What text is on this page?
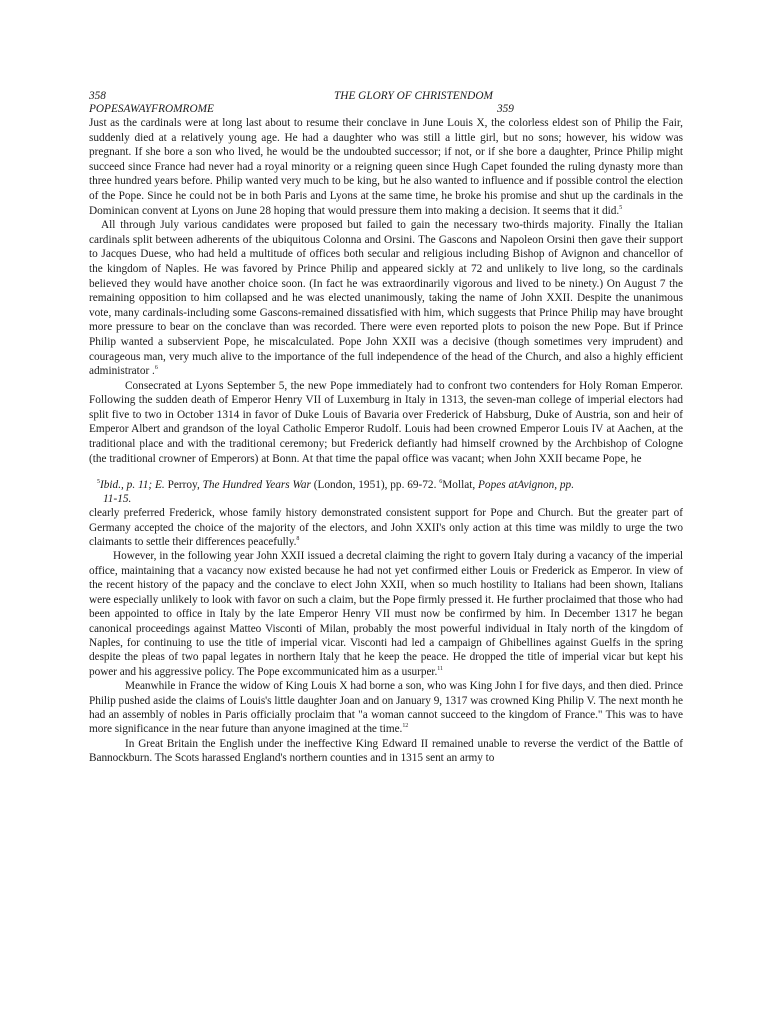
358	THE GLORY OF CHRISTENDOM
POPESAWAYFROMROME	359

Just as the cardinals were at long last about to resume their conclave in June Louis X, the colorless eldest son of Philip the Fair, suddenly died at a relatively young age. He had a daughter who was still a little girl, but no sons; however, his widow was pregnant. If she bore a son who lived, he would be the undoubted successor; if not, or if she bore a daughter, Prince Philip might succeed since France had never had a royal minority or a reigning queen since Hugh Capet founded the ruling dynasty more than three hundred years before. Philip wanted very much to be king, but he also wanted to influence and if possible control the election of the Pope. Since he could not be in both Paris and Lyons at the same time, he broke his promise and shut up the cardinals in the Dominican convent at Lyons on June 28 hoping that would pressure them into making a decision. It seems that it did.$^5$

All through July various candidates were proposed but failed to gain the necessary two-thirds majority. Finally the Italian cardinals split between adherents of the ubiquitous Colonna and Orsini. The Gascons and Napoleon Orsini then gave their support to Jacques Duese, who had held a multitude of offices both secular and religious including Bishop of Avignon and chancellor of the kingdom of Naples. He was favored by Prince Philip and appeared sickly at 72 and unlikely to live long, so the cardinals believed they would have another choice soon. (In fact he was extraordinarily vigorous and lived to be ninety.) On August 7 the remaining opposition to him collapsed and he was elected unanimously, taking the name of John XXII. Despite the unanimous vote, many cardinals-including some Gascons-remained dissatisfied with him, which suggests that Prince Philip may have brought more pressure to bear on the conclave than was recorded. There were even reported plots to poison the new Pope. But if Prince Philip wanted a subservient Pope, he miscalculated. Pope John XXII was a decisive (though sometimes very imprudent) and courageous man, very much alive to the importance of the full independence of the head of the Church, and also a highly efficient administrator .$^6$

Consecrated at Lyons September 5, the new Pope immediately had to confront two contenders for Holy Roman Emperor. Following the sudden death of Emperor Henry VII of Luxemburg in Italy in 1313, the seven-man college of imperial electors had split five to two in October 1314 in favor of Duke Louis of Bavaria over Frederick of Habsburg, Duke of Austria, son and heir of Emperor Albert and grandson of the loyal Catholic Emperor Rudolf. Louis had been crowned Emperor Louis IV at Aachen, at the traditional place and with the traditional ceremony; but Frederick defiantly had himself crowned by the Archbishop of Cologne (the traditional crowner of Emperors) at Bonn. At that time the papal office was vacant; when John XXII became Pope, he

$^5$Ibid., p. 11; E. Perroy, The Hundred Years War (London, 1951), pp. 69-72. $^6$Mollat, Popes atAvignon, pp.
11-15.

clearly preferred Frederick, whose family history demonstrated consistent support for Pope and Church. But the greater part of Germany accepted the choice of the majority of the electors, and John XXII's only action at this time was mildly to urge the two claimants to settle their differences peacefully.$^8$

However, in the following year John XXII issued a decretal claiming the right to govern Italy during a vacancy of the imperial office, maintaining that a vacancy now existed because he had not yet confirmed either Louis or Frederick as Emperor. In view of the recent history of the papacy and the conclave to elect John XXII, when so much hostility to Italians had been shown, Italians were especially unlikely to look with favor on such a claim, but the Pope firmly pressed it. He further proclaimed that those who had been appointed to office in Italy by the late Emperor Henry VII must now be confirmed by him. In December 1317 he began canonical proceedings against Matteo Visconti of Milan, probably the most powerful individual in Italy north of the kingdom of Naples, for continuing to use the title of imperial vicar. Visconti had led a campaign of Ghibellines against Guelfs in the spring despite the pleas of two papal legates in northern Italy that he keep the peace. He dropped the title of imperial vicar but kept his power and his aggressive policy. The Pope excommunicated him as a usurper.$^{11}$

Meanwhile in France the widow of King Louis X had borne a son, who was King John I for five days, and then died. Prince Philip pushed aside the claims of Louis's little daughter Joan and on January 9, 1317 was crowned King Philip V. The next month he had an assembly of nobles in Paris officially proclaim that "a woman cannot succeed to the kingdom of France." This was to have more significance in the near future than anyone imagined at the time.$^{12}$

In Great Britain the English under the ineffective King Edward II remained unable to reverse the verdict of the Battle of Bannockburn. The Scots harassed England's northern counties and in 1315 sent an army to
